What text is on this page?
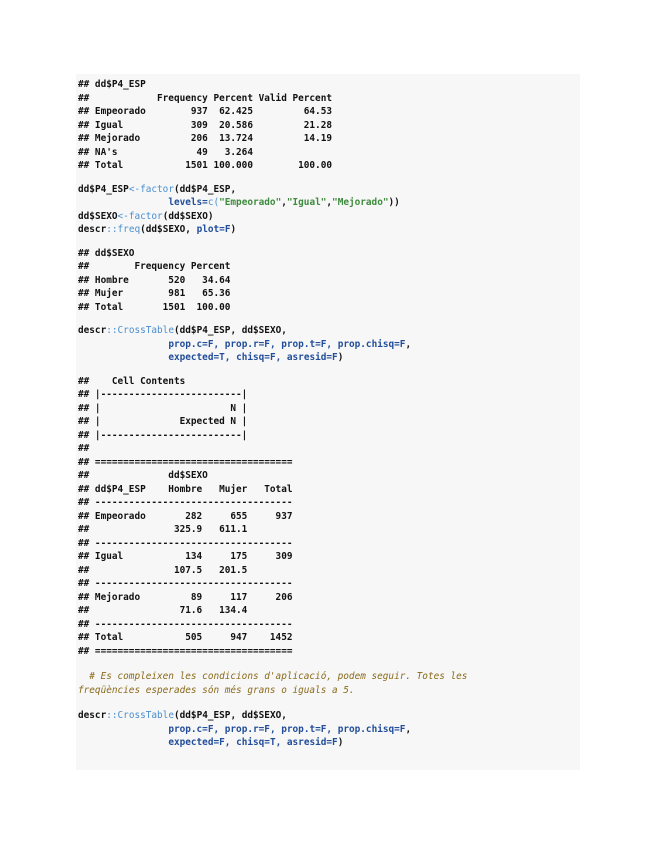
## dd$P4_ESP
##            Frequency Percent Valid Percent
## Empeorado        937  62.425         64.53
## Igual            309  20.586         21.28
## Mejorado         206  13.724         14.19
## NA's              49   3.264
## Total           1501 100.000        100.00
dd$P4_ESP<-factor(dd$P4_ESP,
levels=c("Empeorado","Igual","Mejorado"))
dd$SEXO<-factor(dd$SEXO)
descr::freq(dd$SEXO, plot=F)
## dd$SEXO
##        Frequency Percent
## Hombre       520   34.64
## Mujer        981   65.36
## Total       1501  100.00
descr::CrossTable(dd$P4_ESP, dd$SEXO,
prop.c=F, prop.r=F, prop.t=F, prop.chisq=F,
expected=T, chisq=F, asresid=F)
##    Cell Contents
## |-------------------------|
## |                       N |
## |              Expected N |
## |-------------------------|
##
## ===================================
##              dd$SEXO
## dd$P4_ESP    Hombre   Mujer   Total
## -----------------------------------
## Empeorado       282     655     937
##               325.9   611.1
## -----------------------------------
## Igual           134     175     309
##               107.5   201.5
## -----------------------------------
## Mejorado         89     117     206
##                71.6   134.4
## -----------------------------------
## Total           505     947    1452
## ===================================
# Es compleixen les condicions d'aplicació, podem seguir. Totes les
freqüències esperades són més grans o iguals a 5.
descr::CrossTable(dd$P4_ESP, dd$SEXO,
prop.c=F, prop.r=F, prop.t=F, prop.chisq=F,
expected=F, chisq=T, asresid=F)
